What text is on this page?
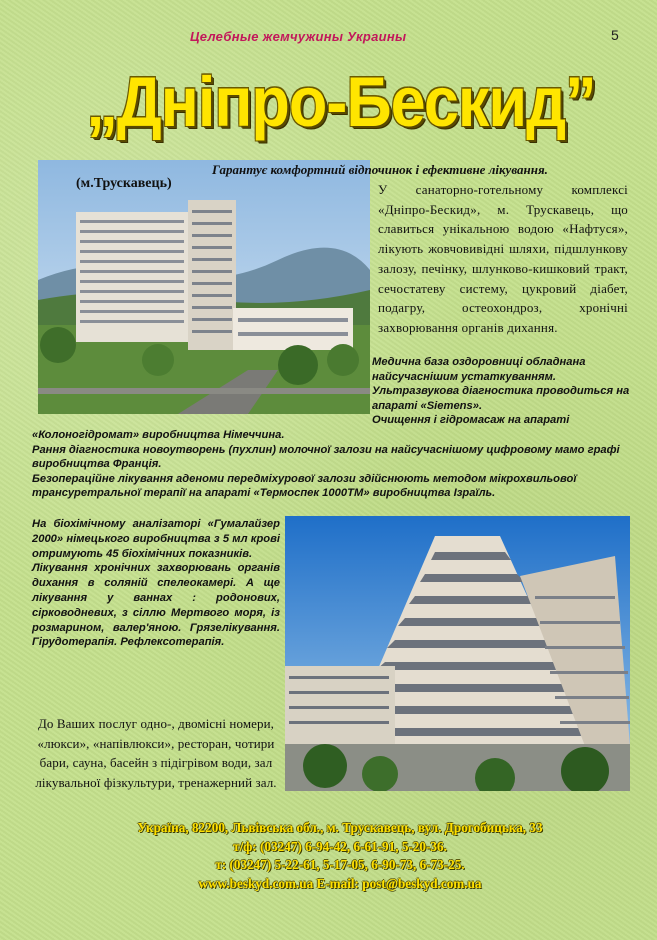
Целебные жемчужины Украины	5
„Дніпро-Бескид”
(м.Трускавець)
Гарантує комфортний відпочинок і ефективне лікування.
У санаторно-готельному комплексі «Дніпро-Бескид», м. Трускавець, що славиться унікальною водою «Нафтуся», лікують жовчовивідні шляхи, підшлункову залозу, печінку, шлунково-кишковий тракт, сечостатеву систему, цукровий діабет, подагру, остеохондроз, хронічні захворювання органів дихання.

Медична база оздоровниці обладнана найсучаснішим устаткуванням.

Ультразвукова діагностика проводиться на апараті «Siemens».

Очищення і гідромасаж на апараті

«Колоногідромат» виробництва Німеччина.

Рання діагностика новоутворень (пухлин) молочної залози на найсучаснішому цифровому мамо графі виробництва Франція.

Безопераційне лікування аденоми передміхурової залози здійснюють методом мікрохвильової трансуретральної терапії на апараті «Термоспек 1000ТМ» виробництва Ізраїль.

На біохімічному аналізаторі «Гумалайзер 2000» німецького виробництва з 5 мл крові отримують 45 біохімічних показників.

Лікування хронічних захворювань органів дихання в соляній спелеокамері. А ще лікування у ваннах : родонових, сірководневих, з сіллю Мертвого моря, із розмарином, валер'яною. Грязелікування. Гірудотерапія. Рефлексотерапія.

До Ваших послуг одно-, двомісні номери, «люкси», «напівлюкси», ресторан, чотири бари, сауна, басейн з підігрівом води, зал лікувальної фізкультури, тренажерний зал.
Україна, 82200, Львівська обл., м. Трускавець, вул. Дрогобицька, 33
т/ф: (03247) 6-94-42, 6-61-91, 5-20-36.
т: (03247) 5-22-61, 5-17-05, 6-90-73, 6-73-25.
www.beskyd.com.ua E-mail: post@beskyd.com.ua
